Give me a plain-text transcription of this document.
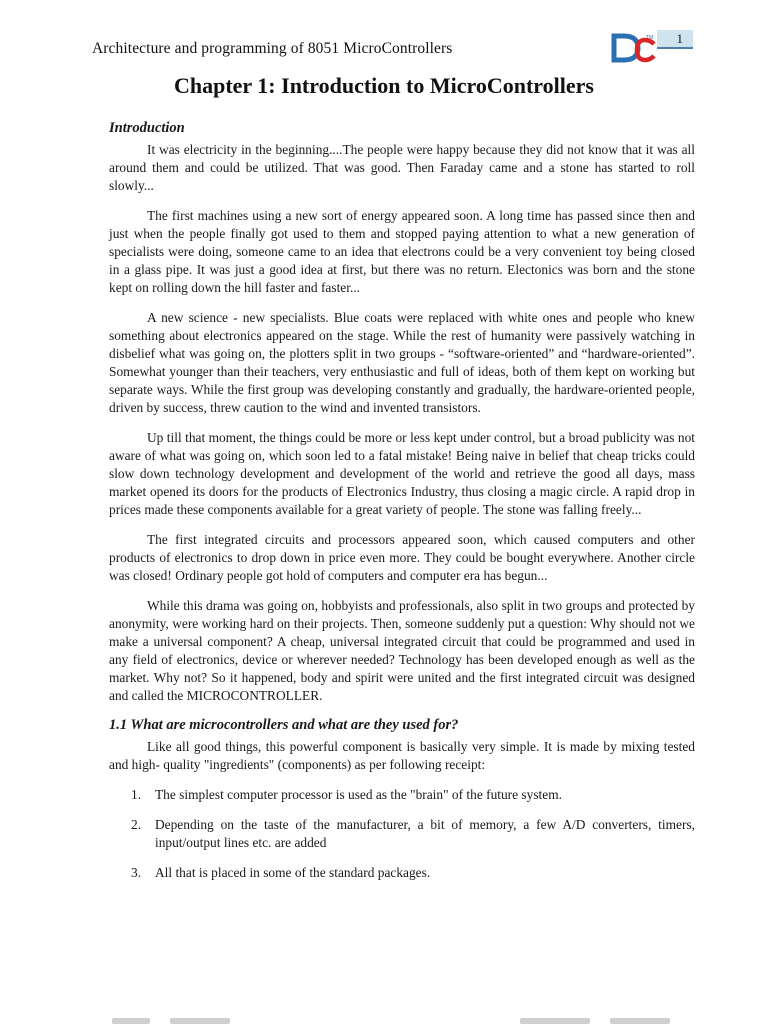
Architecture and programming of 8051 MicroControllers
TM	1
Chapter 1: Introduction to MicroControllers
Introduction

It was electricity in the beginning....The people were happy because they did not know that it was all around them and could be utilized. That was good. Then Faraday came and a stone has started to roll slowly...

The first machines using a new sort of energy appeared soon. A long time has passed since then and just when the people finally got used to them and stopped paying attention to what a new generation of specialists were doing, someone came to an idea that electrons could be a very convenient toy being closed in a glass pipe. It was just a good idea at first, but there was no return. Electonics was born and the stone kept on rolling down the hill faster and faster...

A new science - new specialists. Blue coats were replaced with white ones and people who knew something about electronics appeared on the stage. While the rest of humanity were passively watching in disbelief what was going on, the plotters split in two groups - “software-oriented” and “hardware-oriented”. Somewhat younger than their teachers, very enthusiastic and full of ideas, both of them kept on working but separate ways. While the first group was developing constantly and gradually, the hardware-oriented people, driven by success, threw caution to the wind and invented transistors.

Up till that moment, the things could be more or less kept under control, but a broad publicity was not aware of what was going on, which soon led to a fatal mistake! Being naive in belief that cheap tricks could slow down technology development and development of the world and retrieve the good all days, mass market opened its doors for the products of Electronics Industry, thus closing a magic circle. A rapid drop in prices made these components available for a great variety of people. The stone was falling freely...

The first integrated circuits and processors appeared soon, which caused computers and other products of electronics to drop down in price even more. They could be bought everywhere. Another circle was closed! Ordinary people got hold of computers and computer era has begun...

While this drama was going on, hobbyists and professionals, also split in two groups and protected by anonymity, were working hard on their projects. Then, someone suddenly put a question: Why should not we make a universal component? A cheap, universal integrated circuit that could be programmed and used in any field of electronics, device or wherever needed? Technology has been developed enough as well as the market. Why not? So it happened, body and spirit were united and the first integrated circuit was designed and called the MICROCONTROLLER.

1.1 What are microcontrollers and what are they used for?

Like all good things, this powerful component is basically very simple. It is made by mixing tested and high- quality "ingredients" (components) as per following receipt:

1. The simplest computer processor is used as the "brain" of the future system.
2. Depending on the taste of the manufacturer, a bit of memory, a few A/D converters, timers, input/output lines etc. are added
3. All that is placed in some of the standard packages.
